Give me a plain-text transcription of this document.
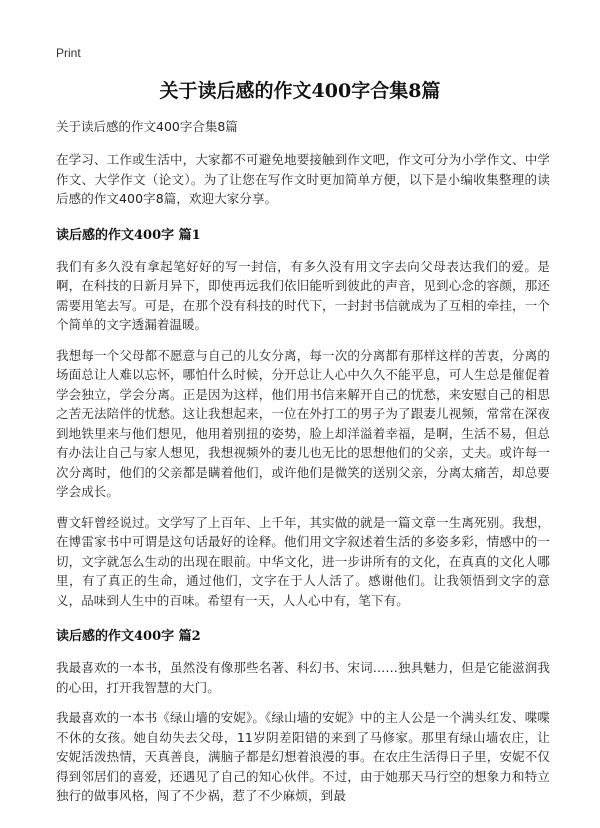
Print
关于读后感的作文400字合集8篇
关于读后感的作文400字合集8篇

在学习、工作或生活中，大家都不可避免地要接触到作文吧，作文可分为小学作文、中学作文、大学作文（论文）。为了让您在写作文时更加简单方便，以下是小编收集整理的读后感的作文400字8篇，欢迎大家分享。

读后感的作文400字 篇1

我们有多久没有拿起笔好好的写一封信，有多久没有用文字去向父母表达我们的爱。是啊，在科技的日新月异下，即使再远我们依旧能听到彼此的声音，见到心念的容颜，那还需要用笔去写。可是，在那个没有科技的时代下，一封封书信就成为了互相的牵挂，一个个简单的文字透漏着温暖。

我想每一个父母都不愿意与自己的儿女分离，每一次的分离都有那样这样的苦衷，分离的场面总让人难以忘怀，哪怕什么时候，分开总让人心中久久不能平息，可人生总是催促着学会独立，学会分离。正是因为这样，他们用书信来解开自己的忧愁，来安慰自己的相思之苦无法陪伴的忧愁。这让我想起来，一位在外打工的男子为了跟妻儿视频，常常在深夜到地铁里来与他们想见，他用着别扭的姿势，脸上却洋溢着幸福，是啊，生活不易，但总有办法让自己与家人想见，我想视频外的妻儿也无比的思想他们的父亲，丈夫。或许每一次分离时，他们的父亲都是瞒着他们，或许他们是微笑的送别父亲，分离太痛苦，却总要学会成长。

曹文轩曾经说过。文学写了上百年、上千年，其实做的就是一篇文章一生离死别。我想，在博雷家书中可谓是这句话最好的诠释。他们用文字叙述着生活的多姿多彩，情感中的一切，文字就怎么生动的出现在眼前。中华文化，进一步讲所有的文化，在真真的文化人哪里，有了真正的生命，通过他们，文字在于人人活了。感谢他们。让我领悟到文字的意义，品味到人生中的百味。希望有一天，人人心中有，笔下有。

读后感的作文400字 篇2

我最喜欢的一本书，虽然没有像那些名著、科幻书、宋词……独具魅力，但是它能滋润我的心田，打开我智慧的大门。

我最喜欢的一本书《绿山墙的安妮》。《绿山墙的安妮》中的主人公是一个满头红发、喋喋不休的女孩。她自幼失去父母，11岁阴差阳错的来到了马修家。那里有绿山墙农庄，让安妮活泼热情，天真善良，满脑子都是幻想着浪漫的事。在农庄生活得日子里，安妮不仅得到邻居们的喜爱，还遇见了自己的知心伙伴。不过，由于她那天马行空的想象力和特立独行的做事风格，闯了不少祸，惹了不少麻烦，到最
